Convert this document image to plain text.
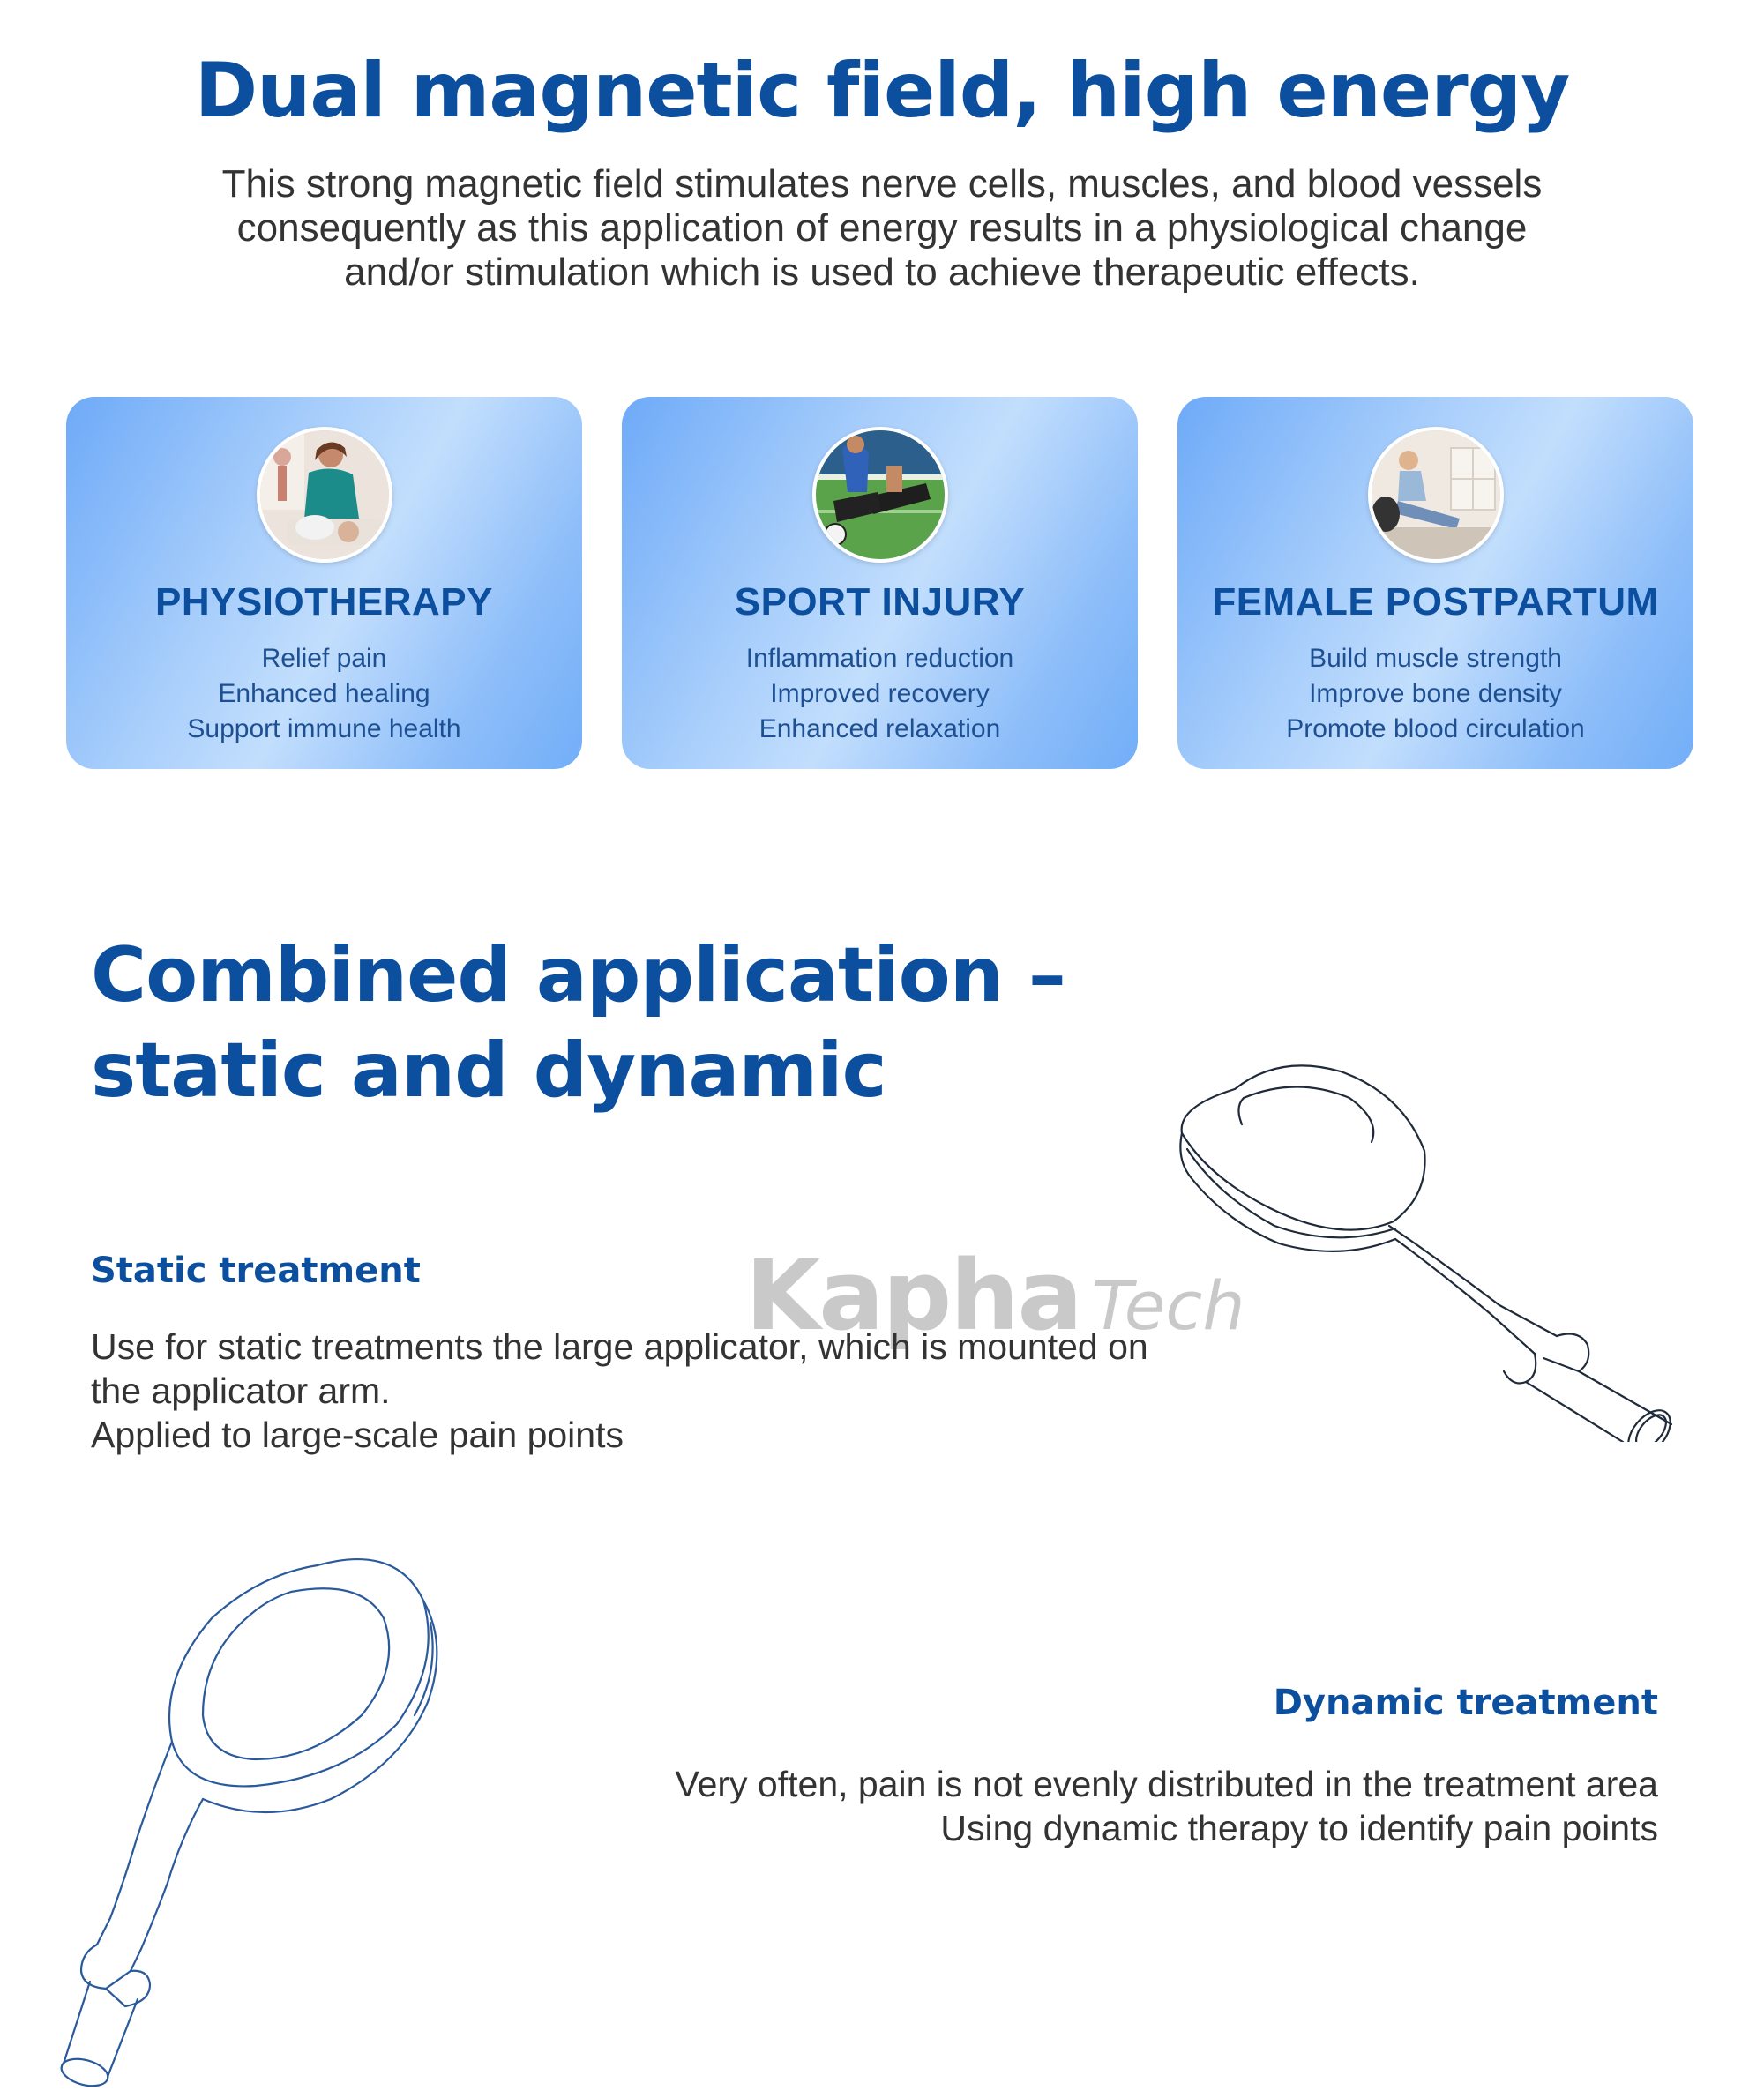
Dual magnetic field, high energy

This strong magnetic field stimulates nerve cells, muscles, and blood vessels
consequently as this application of energy results in a physiological change
and/or stimulation which is used to achieve therapeutic effects.

PHYSIOTHERAPY
Relief pain
Enhanced healing
Support immune health
SPORT INJURY
Inflammation reduction
Improved recovery
Enhanced relaxation
FEMALE POSTPARTUM
Build muscle strength
Improve bone density
Promote blood circulation
Combined application –
static and dynamic
Kapha Tech
Static treatment
Use for static treatments the large applicator, which is mounted on
the applicator arm.
Applied to large-scale pain points
Dynamic treatment
Very often, pain is not evenly distributed in the treatment area
Using dynamic therapy to identify pain points
